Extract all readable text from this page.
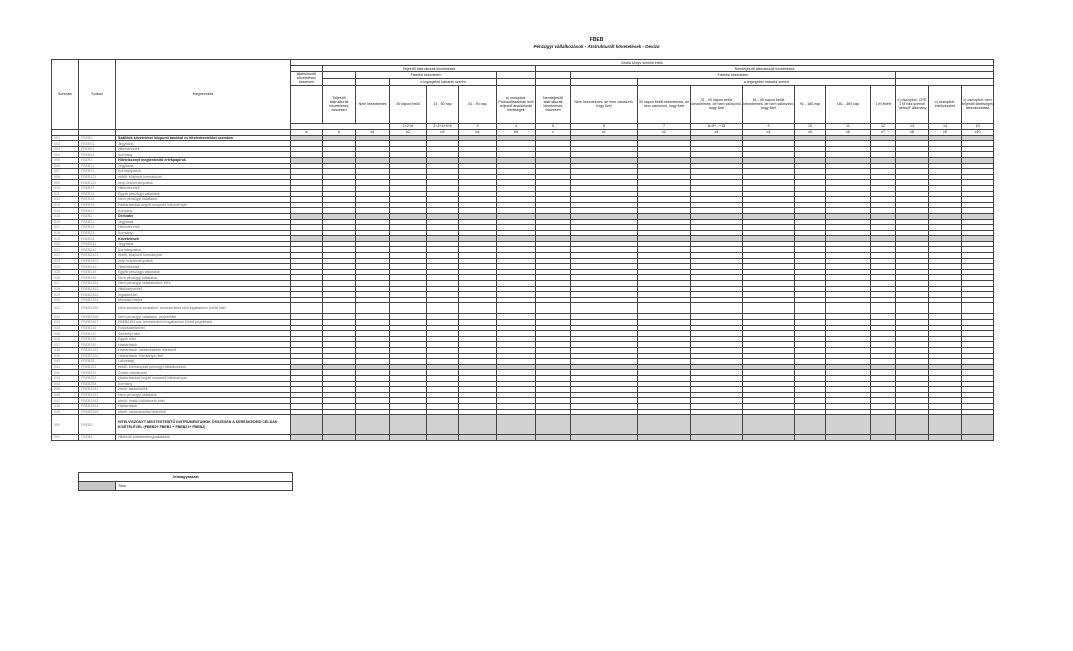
FBEB
Pénzügyi vállalkozások - Átstrukturált követelések - Deviza
Sorszám	Sorkód	Megnevezés	Bruttó könyv szerinti érték																		
				Teljesítő átstrukturált követelések						Nemteljesítő átstrukturált követelések											
			Átstrukturált követelések összesen		Fizetési késedelem						Fizetési késedelem										
						a legregebbi hátralék szerint						a legregebbi hátralék szerint									
				Teljesítő átstrukturált követelések összesen	Nem késedelmes	30 napon belül	31 - 60 nap	61 - 90 nap	b) oszlopból: Próbaidőszakban lévő teljesítő átstrukturált kitettségek	Nemteljesítő átstrukturált követelések összesen	Nem késedelmes, de nem valószínű, hogy fizet	30 napon belüli késedelmes, de nem valószínű, hogy fizet	31 - 90 napon belüli késedelmes, de nem valószínű, hogy fizet	61 - 90 napon belüli késedelmes, de nem valószínű, hogy fizet	91 - 180 nap	181 - 365 nap	1 év felett	c) oszlopból: CRR 178 cikk szerinti "default" állomány	c) oszlopból: értékvesztett	c) oszlopból: nem teljesítő kitettségek átstrukturálása	
						1=2+6	2=3+4+5+6	3	4	5	6	7	8=9+...+15	9	10	11	12	13	14	15			
			a	b	b1	b2	b3	b4	b5	c	c1	c2	c3	c4	c5	c6	c7	c8	c9	c10	
001	FBEB0	Szállítók követelései központi bankkal és hitelintézetekkel szemben																			
002	FBEB01	Jegybank																			
003	FBEB02	Hitelintézetek																			
004	FBEB03	Kormány																			
005	FBEB1	Hitelviszonyt megtestesítő értékpapírok																			
006	FBEB11	Jegybank																			
007	FBEB12	Kormányzatok																			
008	FBEB121	ebből: központi kormányzat																			
009	FBEB122	helyi önkormányzatok																			
010	FBEB13	Hitelintézetek																			
011	FBEB14	Egyéb pénzügyi vállalatok																			
012	FBEB15	Nem pénzügyi vállalatok																			
013	FBEB16	Háztartásokat segítő nonprofit intézmények																			
014	FBEB17	Kormány																			
015	FBEB2	Derivatív																			
016	FBEB21	Jegybank																			
017	FBEB22	Hitelintézetek																			
018	FBEB23	Kormány																			
019	FBEB24	Követelések																			
020	FBEB241	Jegybank																			
021	FBEB242	Kormányzatok																			
022	FBEB2421	ebből: központi kormányzat																			
023	FBEB2422	helyi önkormányzatok																			
024	FBEB243	Hitelintézetek																			
025	FBEB244	Egyéb pénzügyi vállalatok																			
026	FBEB245	Nem pénzügyi vállalatok																			
027	FBEB2451	Nem pénzügyi vállalatokból: KKV																			
028	FBEB2452	Hitelkártyahitel																			
029	FBEB2453	Ingatlanhitel																			
030	FBEB2454	Műszaki hitelek																			
031	FBEB2455	Nem szokásos kínálatból: kereskedelmi célú ingatlanhoz kötött hitel																			
032	FBEB2456	Nem pénzügyi vállalatok: projekthitel																			
033	FBEB2457	FBEB2452 sor: kereskedelmi ingatlanhoz kötött projekthitel																			
034	FBEB246	Folyószámlahitel																			
035	FBEB247	Személyi hitel																			
036	FBEB248	Egyéb hitel																			
037	FBEB249	Háztartások																			
038	FBEB2491	Háztartások: lakásvásárlás hiteleiből																			
039	FBEB2492	Háztartások: hitelkártya hitel																			
040	FBEB25	Lakossági																			
041	FBEB251	ebből: kormányzati pénzügyi vállalkozások																			
042	FBEB252	Önálló vállalkozók																			
043	FBEB253	Háztartásokat segítő nonprofit intézmények																			
044	FBEB254	Kormány																			
045	FBEB2541	ebből: lakáshitelek																			
046	FBEB2542	Nem pénzügyi vállalatok																			
047	FBEB2543	ebből: önálló vállalkozók hitel																			
048	FBEB2544	Háztartások																			
049	FBEB2545	ebből: lakásvásárlás hiteleiből																			
050	FBEB3	HITELVISZONYT MEGTESTESÍTŐ INSTRUMENTUMOK ÖSSZESEN A KERESKEDÉSI CÉLÚAK KIVÉTELÉVEL (FBEB0+ FBEB1 + FBEB21+ FBEB2)																			
051	FBEB4	Hitelezői kötelezettségvállalások																			
Jelmagyarázat
	Tilos
